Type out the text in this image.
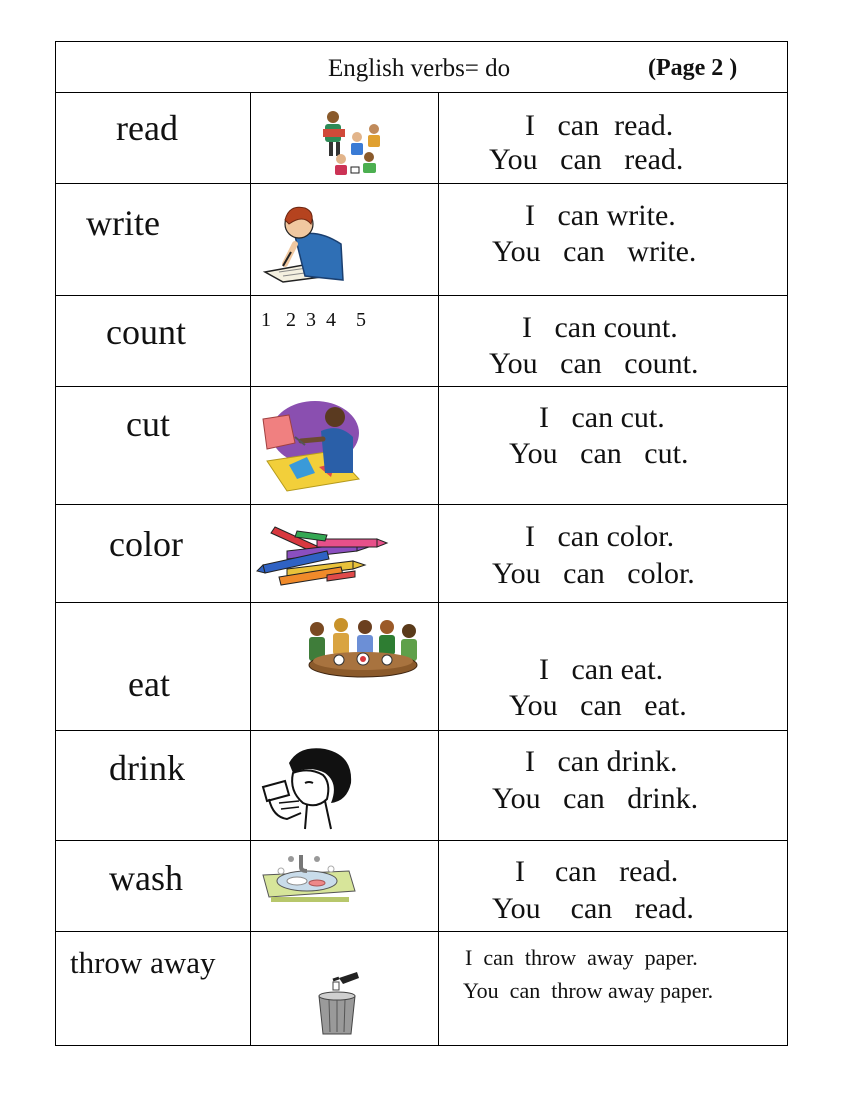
English verbs= do	(Page 2 )
read	I   can  read.
You   can   read.
write	I   can write.
You   can   write.
count	1   2  3  4    5	I   can count.
You   can   count.
cut	I   can cut.
You   can   cut.
color	I   can color.
You   can   color.
eat	I   can eat.
You   can   eat.
drink	I   can drink.
You   can   drink.
wash	I    can   read.
You    can   read.
throw away	I  can  throw  away  paper.
You  can  throw away paper.
